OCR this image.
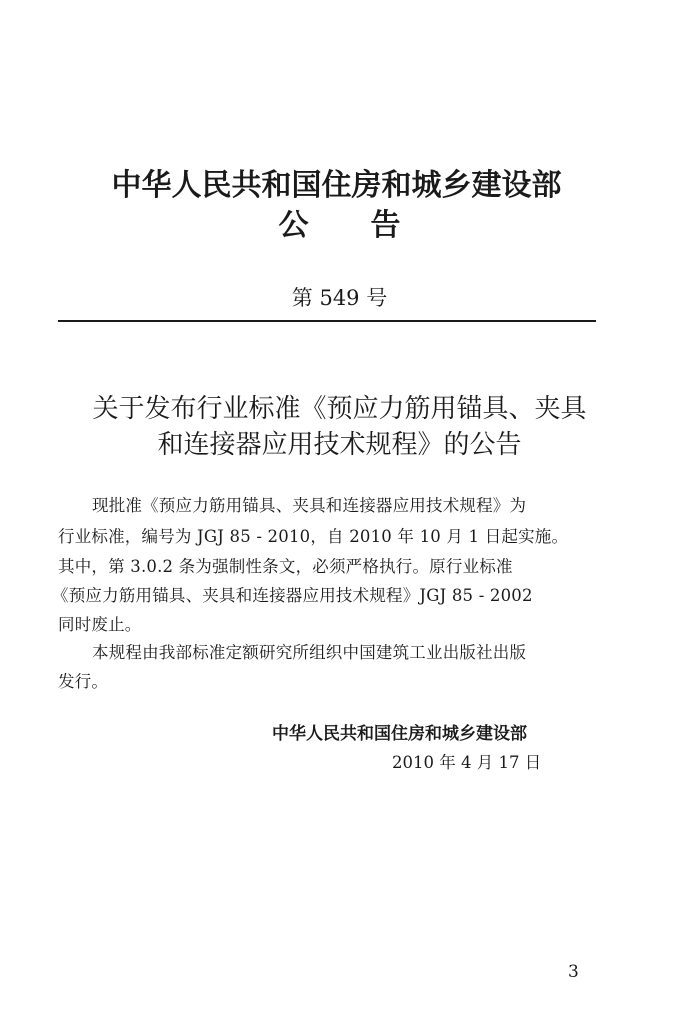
中华人民共和国住房和城乡建设部
公 告
第 549 号
关于发布行业标准《预应力筋用锚具、夹具
和连接器应用技术规程》的公告
现批准《预应力筋用锚具、夹具和连接器应用技术规程》为
行业标准，编号为 JGJ 85 - 2010，自 2010 年 10 月 1 日起实施。
其中，第 3.0.2 条为强制性条文，必须严格执行。原行业标准
《预应力筋用锚具、夹具和连接器应用技术规程》JGJ 85 - 2002
同时废止。
本规程由我部标准定额研究所组织中国建筑工业出版社出版
发行。
中华人民共和国住房和城乡建设部
2010 年 4 月 17 日
3
